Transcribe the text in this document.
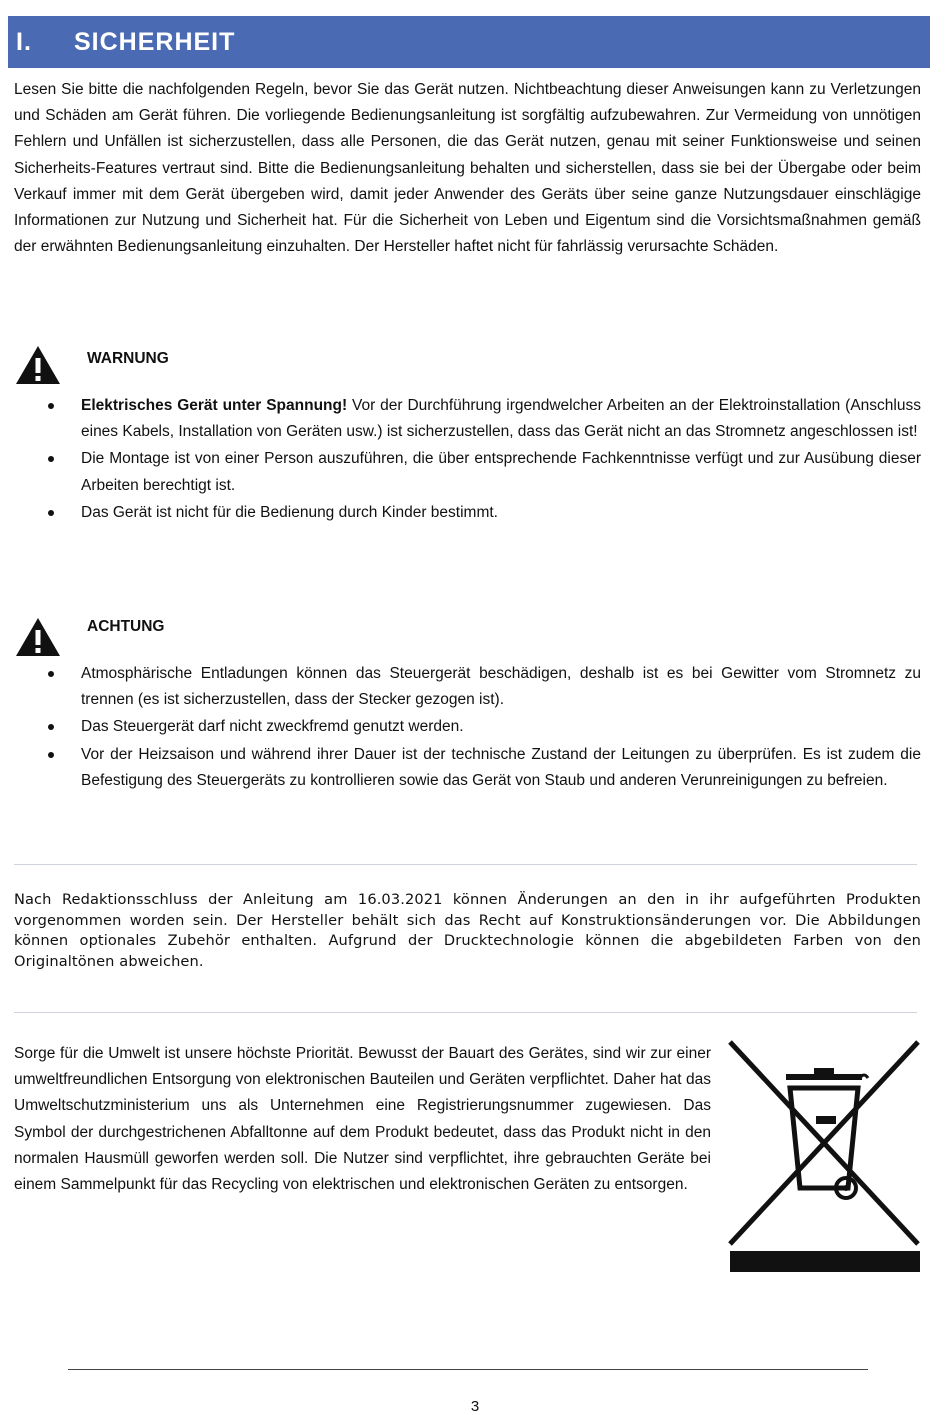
I.	SICHERHEIT
Lesen Sie bitte die nachfolgenden Regeln, bevor Sie das Gerät nutzen. Nichtbeachtung dieser Anweisungen kann zu Verletzungen und Schäden am Gerät führen. Die vorliegende Bedienungsanleitung ist sorgfältig aufzubewahren. Zur Vermeidung von unnötigen Fehlern und Unfällen ist sicherzustellen, dass alle Personen, die das Gerät nutzen, genau mit seiner Funktionsweise und seinen Sicherheits-Features vertraut sind. Bitte die Bedienungsanleitung behalten und sicherstellen, dass sie bei der Übergabe oder beim Verkauf immer mit dem Gerät übergeben wird, damit jeder Anwender des Geräts über seine ganze Nutzungsdauer einschlägige Informationen zur Nutzung und Sicherheit hat. Für die Sicherheit von Leben und Eigentum sind die Vorsichtsmaßnahmen gemäß der erwähnten Bedienungsanleitung einzuhalten. Der Hersteller haftet nicht für fahrlässig verursachte Schäden.
WARNUNG
Elektrisches Gerät unter Spannung! Vor der Durchführung irgendwelcher Arbeiten an der Elektroinstallation (Anschluss eines Kabels, Installation von Geräten usw.) ist sicherzustellen, dass das Gerät nicht an das Stromnetz angeschlossen ist!
Die Montage ist von einer Person auszuführen, die über entsprechende Fachkenntnisse verfügt und zur Ausübung dieser Arbeiten berechtigt ist.
Das Gerät ist nicht für die Bedienung durch Kinder bestimmt.
ACHTUNG
Atmosphärische Entladungen können das Steuergerät beschädigen, deshalb ist es bei Gewitter vom Stromnetz zu trennen (es ist sicherzustellen, dass der Stecker gezogen ist).
Das Steuergerät darf nicht zweckfremd genutzt werden.
Vor der Heizsaison und während ihrer Dauer ist der technische Zustand der Leitungen zu überprüfen. Es ist zudem die Befestigung des Steuergeräts zu kontrollieren sowie das Gerät von Staub und anderen Verunreinigungen zu befreien.
Nach Redaktionsschluss der Anleitung am 16.03.2021 können Änderungen an den in ihr aufgeführten Produkten vorgenommen worden sein. Der Hersteller behält sich das Recht auf Konstruktionsänderungen vor. Die Abbildungen können optionales Zubehör enthalten. Aufgrund der Drucktechnologie können die abgebildeten Farben von den Originaltönen abweichen.
Sorge für die Umwelt ist unsere höchste Priorität. Bewusst der Bauart des Gerätes, sind wir zur einer umweltfreundlichen Entsorgung von elektronischen Bauteilen und Geräten verpflichtet. Daher hat das Umweltschutzministerium uns als Unternehmen eine Registrierungsnummer zugewiesen. Das Symbol der durchgestrichenen Abfalltonne auf dem Produkt bedeutet, dass das Produkt nicht in den normalen Hausmüll geworfen werden soll. Die Nutzer sind verpflichtet, ihre gebrauchten Geräte bei einem Sammelpunkt für das Recycling von elektrischen und elektronischen Geräten zu entsorgen.
3
